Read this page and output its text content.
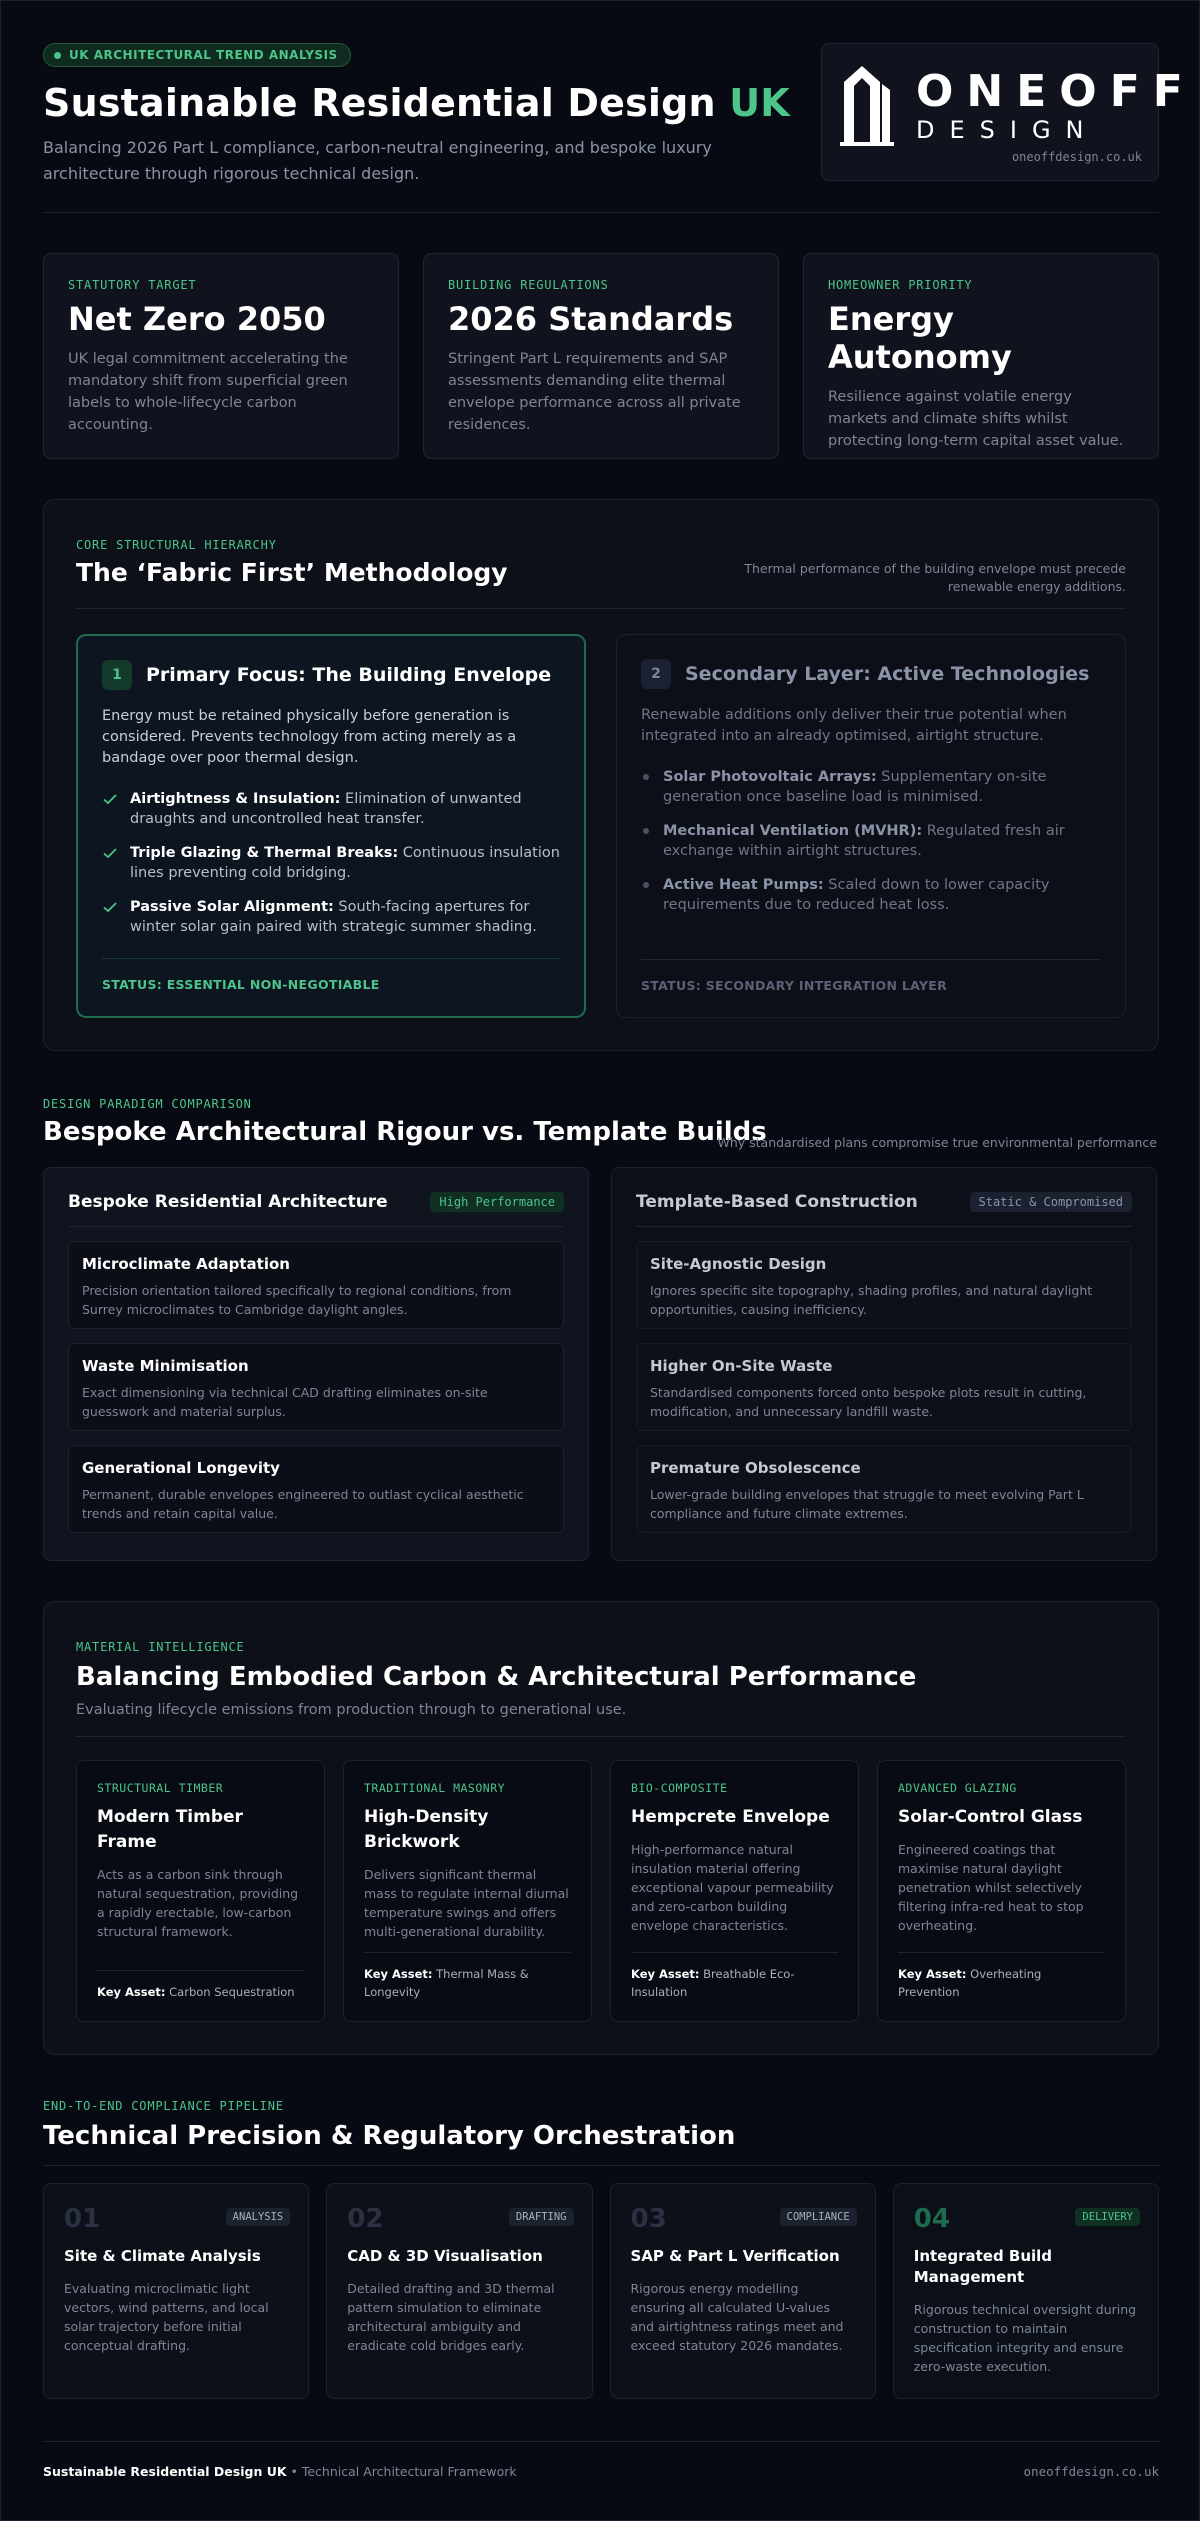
UK ARCHITECTURAL TREND ANALYSIS
Sustainable Residential Design UK
Balancing 2026 Part L compliance, carbon-neutral engineering, and bespoke luxury architecture through rigorous technical design.
ONEOFF
DESIGN
oneoffdesign.co.uk
STATUTORY TARGET
Net Zero 2050
UK legal commitment accelerating the mandatory shift from superficial green labels to whole-lifecycle carbon accounting.
BUILDING REGULATIONS
2026 Standards
Stringent Part L requirements and SAP assessments demanding elite thermal envelope performance across all private residences.
HOMEOWNER PRIORITY
Energy Autonomy
Resilience against volatile energy markets and climate shifts whilst protecting long-term capital asset value.
CORE STRUCTURAL HIERARCHY
The ‘Fabric First’ Methodology	Thermal performance of the building envelope must precede renewable energy additions.
1	Primary Focus: The Building Envelope
Energy must be retained physically before generation is considered. Prevents technology from acting merely as a bandage over poor thermal design.
Airtightness & Insulation: Elimination of unwanted draughts and uncontrolled heat transfer.
Triple Glazing & Thermal Breaks: Continuous insulation lines preventing cold bridging.
Passive Solar Alignment: South-facing apertures for winter solar gain paired with strategic summer shading.
STATUS: ESSENTIAL NON-NEGOTIABLE
2	Secondary Layer: Active Technologies
Renewable additions only deliver their true potential when integrated into an already optimised, airtight structure.
Solar Photovoltaic Arrays: Supplementary on-site generation once baseline load is minimised.
Mechanical Ventilation (MVHR): Regulated fresh air exchange within airtight structures.
Active Heat Pumps: Scaled down to lower capacity requirements due to reduced heat loss.
STATUS: SECONDARY INTEGRATION LAYER
DESIGN PARADIGM COMPARISON
Bespoke Architectural Rigour vs. Template Builds
Why standardised plans compromise true environmental performance
Bespoke Residential Architecture	High Performance
Microclimate Adaptation
Precision orientation tailored specifically to regional conditions, from Surrey microclimates to Cambridge daylight angles.
Waste Minimisation
Exact dimensioning via technical CAD drafting eliminates on-site guesswork and material surplus.
Generational Longevity
Permanent, durable envelopes engineered to outlast cyclical aesthetic trends and retain capital value.
Template-Based Construction	Static & Compromised
Site-Agnostic Design
Ignores specific site topography, shading profiles, and natural daylight opportunities, causing inefficiency.
Higher On-Site Waste
Standardised components forced onto bespoke plots result in cutting, modification, and unnecessary landfill waste.
Premature Obsolescence
Lower-grade building envelopes that struggle to meet evolving Part L compliance and future climate extremes.
MATERIAL INTELLIGENCE
Balancing Embodied Carbon & Architectural Performance
Evaluating lifecycle emissions from production through to generational use.
STRUCTURAL TIMBER
Modern Timber Frame
Acts as a carbon sink through natural sequestration, providing a rapidly erectable, low-carbon structural framework.
Key Asset: Carbon Sequestration
TRADITIONAL MASONRY
High-Density Brickwork
Delivers significant thermal mass to regulate internal diurnal temperature swings and offers multi-generational durability.
Key Asset: Thermal Mass & Longevity
BIO-COMPOSITE
Hempcrete Envelope
High-performance natural insulation material offering exceptional vapour permeability and zero-carbon building envelope characteristics.
Key Asset: Breathable Eco-Insulation
ADVANCED GLAZING
Solar-Control Glass
Engineered coatings that maximise natural daylight penetration whilst selectively filtering infra-red heat to stop overheating.
Key Asset: Overheating Prevention
END-TO-END COMPLIANCE PIPELINE
Technical Precision & Regulatory Orchestration
01	ANALYSIS
Site & Climate Analysis
Evaluating microclimatic light vectors, wind patterns, and local solar trajectory before initial conceptual drafting.
02	DRAFTING
CAD & 3D Visualisation
Detailed drafting and 3D thermal pattern simulation to eliminate architectural ambiguity and eradicate cold bridges early.
03	COMPLIANCE
SAP & Part L Verification
Rigorous energy modelling ensuring all calculated U-values and airtightness ratings meet and exceed statutory 2026 mandates.
04	DELIVERY
Integrated Build Management
Rigorous technical oversight during construction to maintain specification integrity and ensure zero-waste execution.
Sustainable Residential Design UK • Technical Architectural Framework	oneoffdesign.co.uk
